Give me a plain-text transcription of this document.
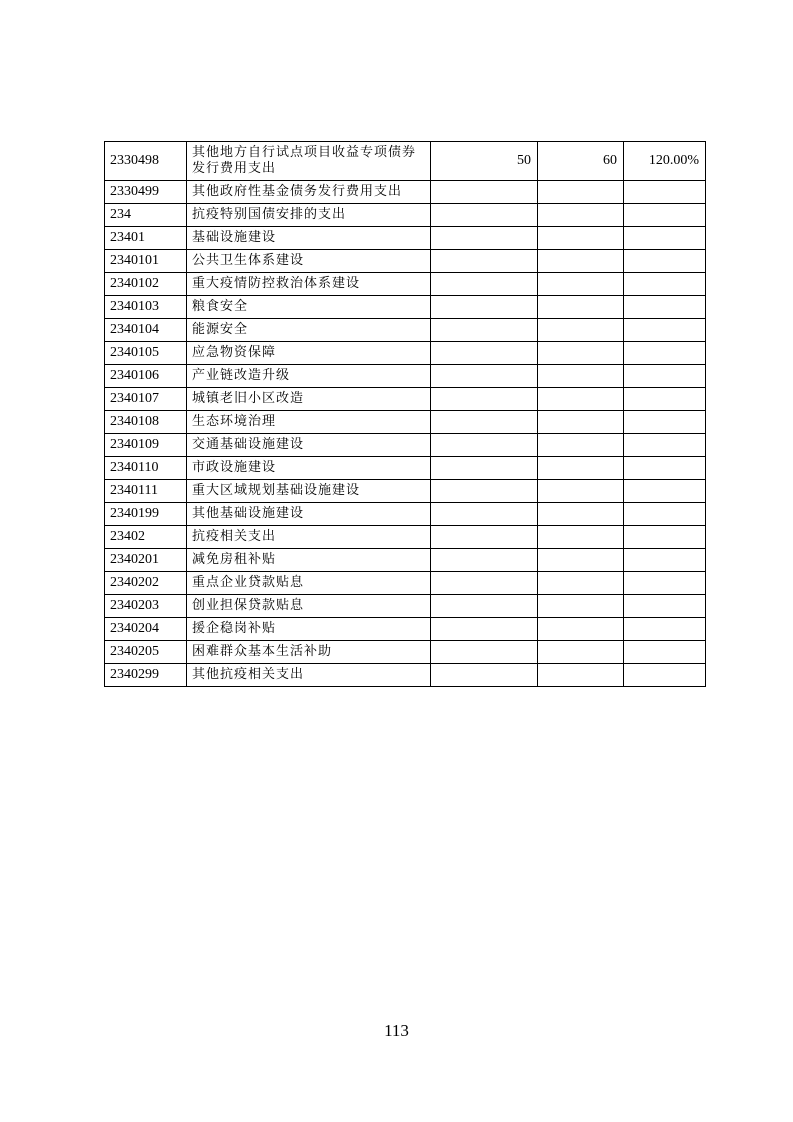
2330498	其他地方自行试点项目收益专项债券发行费用支出	50	60	120.00%
2330499	其他政府性基金债务发行费用支出			
234	抗疫特别国债安排的支出			
23401	基础设施建设			
2340101	公共卫生体系建设			
2340102	重大疫情防控救治体系建设			
2340103	粮食安全			
2340104	能源安全			
2340105	应急物资保障			
2340106	产业链改造升级			
2340107	城镇老旧小区改造			
2340108	生态环境治理			
2340109	交通基础设施建设			
2340110	市政设施建设			
2340111	重大区域规划基础设施建设			
2340199	其他基础设施建设			
23402	抗疫相关支出			
2340201	减免房租补贴			
2340202	重点企业贷款贴息			
2340203	创业担保贷款贴息			
2340204	援企稳岗补贴			
2340205	困难群众基本生活补助			
2340299	其他抗疫相关支出			
113
